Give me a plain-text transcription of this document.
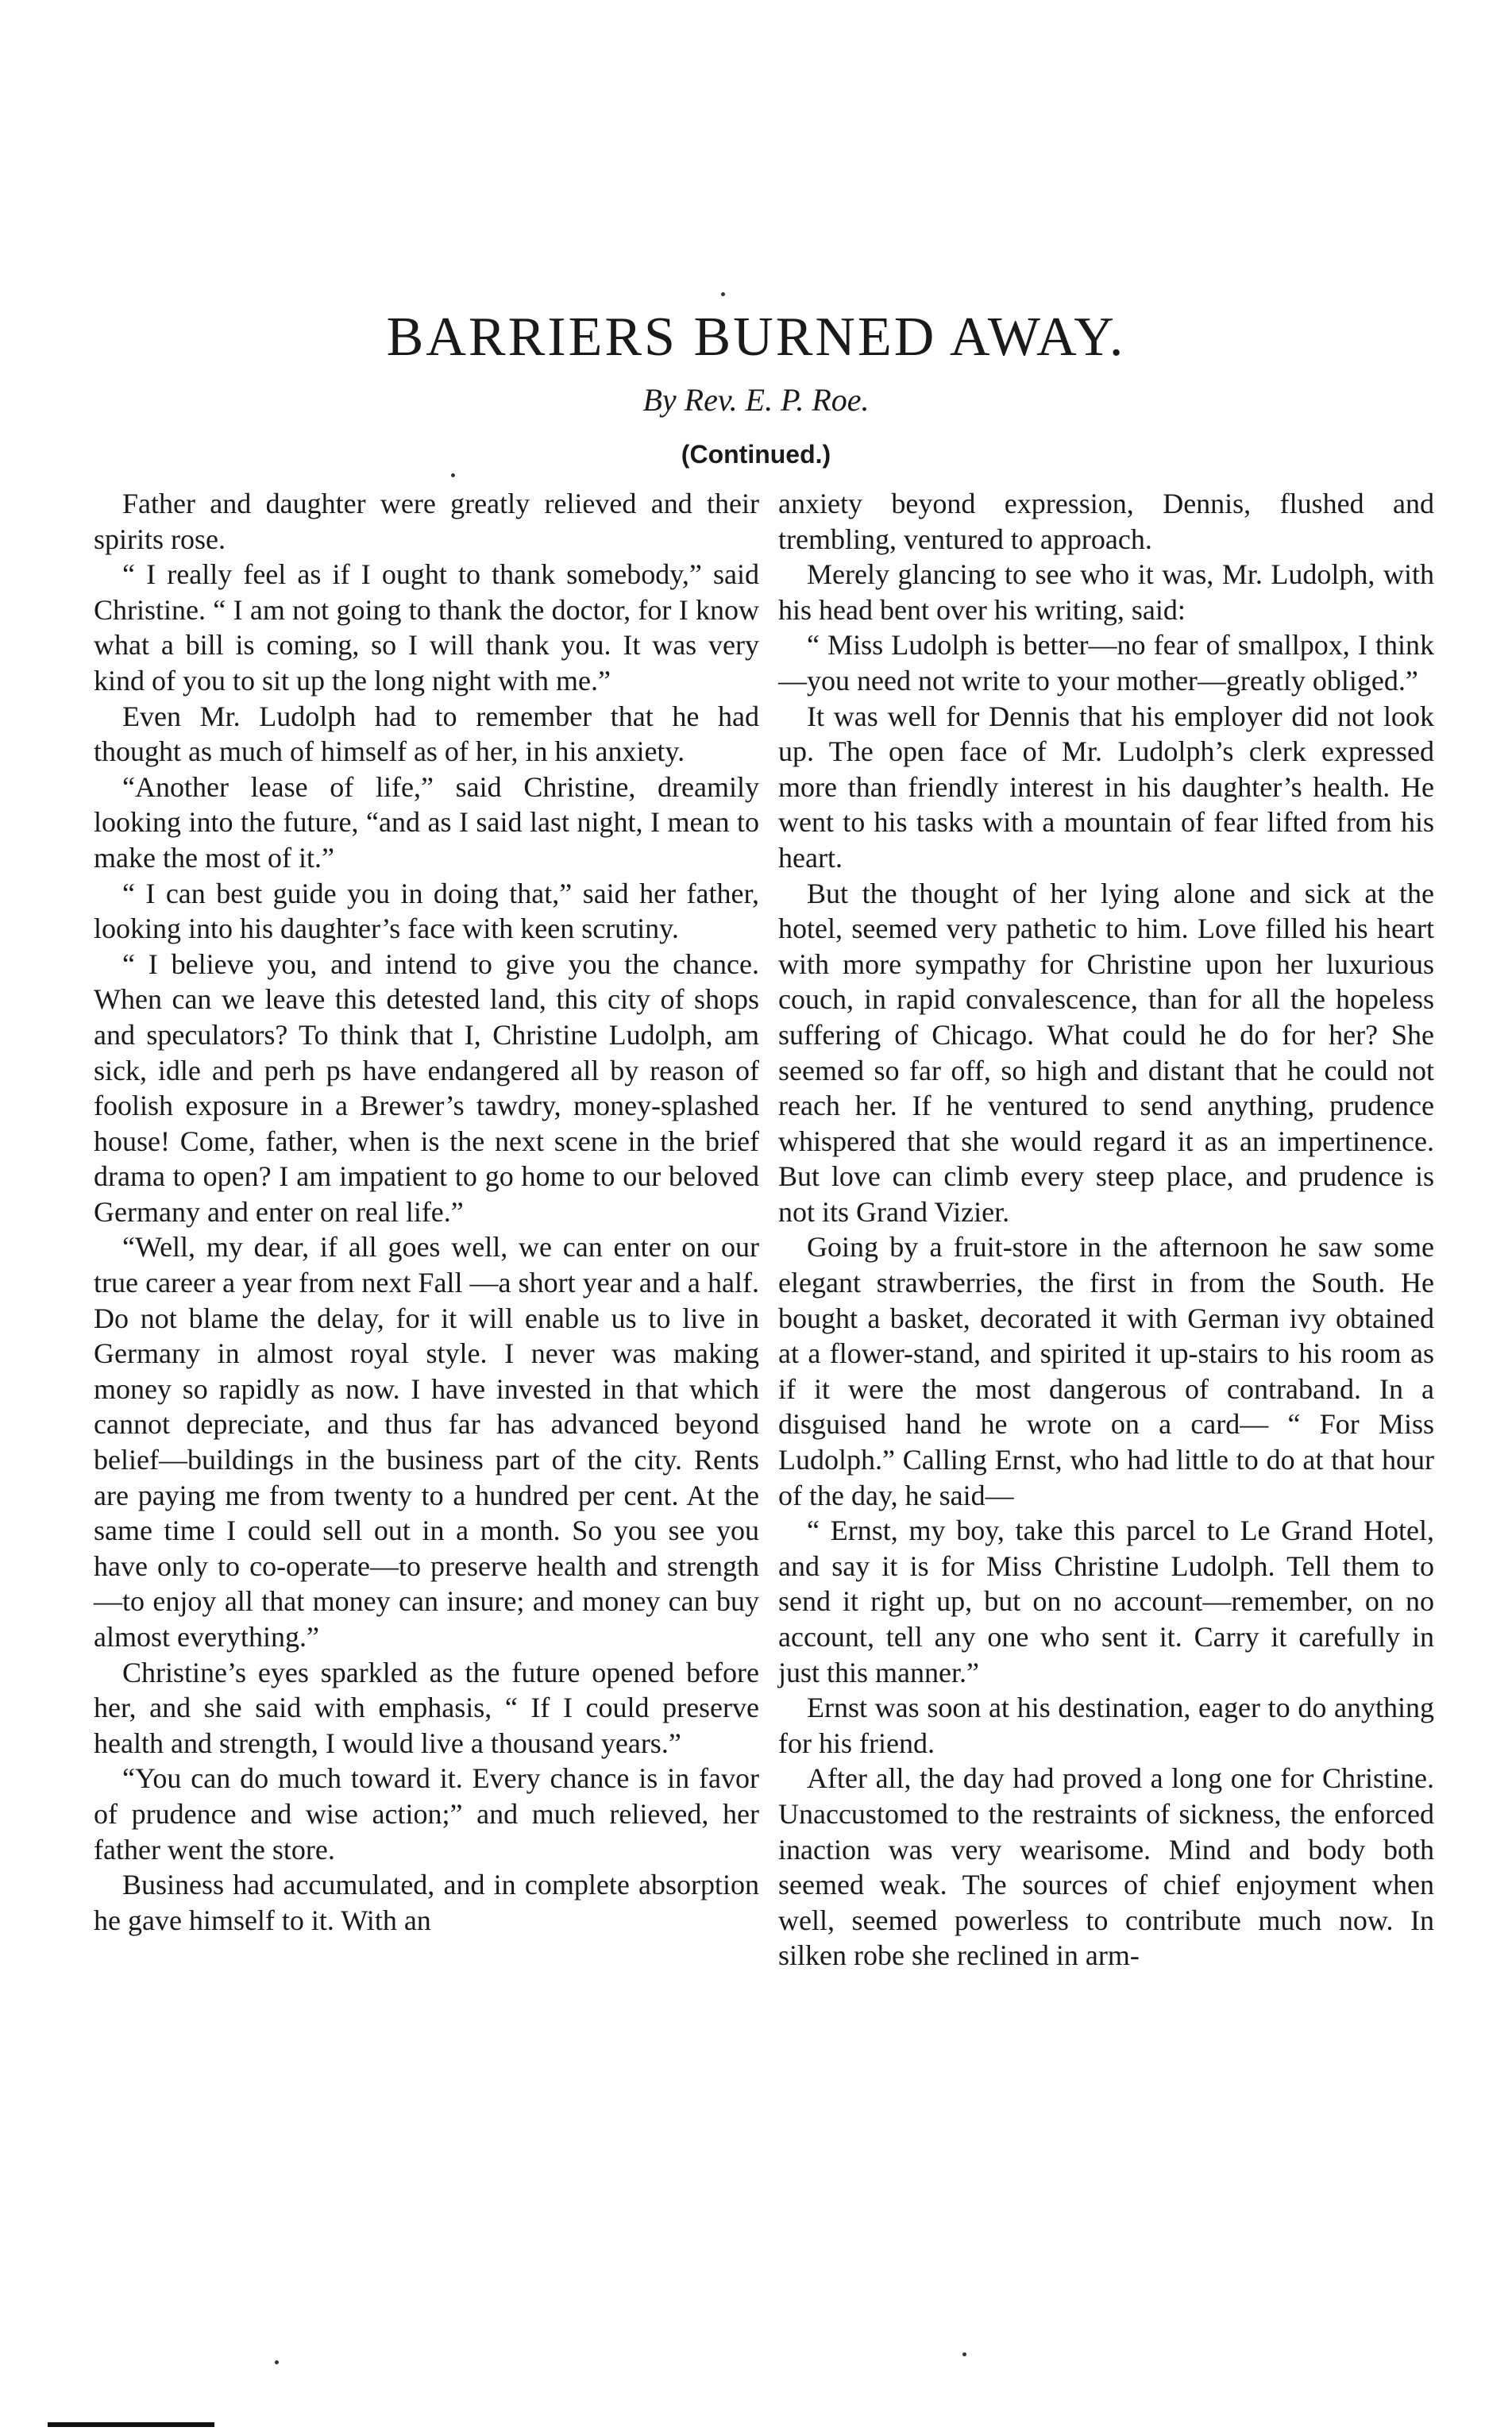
BARRIERS BURNED AWAY.
By Rev. E. P. Roe.
(Continued.)

Father and daughter were greatly relieved and their spirits rose.

“ I really feel as if I ought to thank somebody,” said Christine. “ I am not going to thank the doctor, for I know what a bill is coming, so I will thank you. It was very kind of you to sit up the long night with me.”

Even Mr. Ludolph had to remember that he had thought as much of himself as of her, in his anxiety.

“Another lease of life,” said Christine, dreamily looking into the future, “and as I said last night, I mean to make the most of it.”

“ I can best guide you in doing that,” said her father, looking into his daughter’s face with keen scrutiny.

“ I believe you, and intend to give you the chance. When can we leave this detested land, this city of shops and speculators? To think that I, Christine Ludolph, am sick, idle and perh ps have endangered all by reason of foolish exposure in a Brewer’s tawdry, money-splashed house! Come, father, when is the next scene in the brief drama to open? I am impatient to go home to our beloved Germany and enter on real life.”

“Well, my dear, if all goes well, we can enter on our true career a year from next Fall —a short year and a half. Do not blame the delay, for it will enable us to live in Germany in almost royal style. I never was making money so rapidly as now. I have invested in that which cannot depreciate, and thus far has advanced beyond belief—buildings in the business part of the city. Rents are paying me from twenty to a hundred per cent. At the same time I could sell out in a month. So you see you have only to co-operate—to preserve health and strength—to enjoy all that money can insure; and money can buy almost everything.”

Christine’s eyes sparkled as the future opened before her, and she said with emphasis, “ If I could preserve health and strength, I would live a thousand years.”

“You can do much toward it. Every chance is in favor of prudence and wise action;” and much relieved, her father went the store.

Business had accumulated, and in complete absorption he gave himself to it. With an

anxiety beyond expression, Dennis, flushed and trembling, ventured to approach.

Merely glancing to see who it was, Mr. Ludolph, with his head bent over his writing, said:

“ Miss Ludolph is better—no fear of smallpox, I think—you need not write to your mother—greatly obliged.”

It was well for Dennis that his employer did not look up. The open face of Mr. Ludolph’s clerk expressed more than friendly interest in his daughter’s health. He went to his tasks with a mountain of fear lifted from his heart.

But the thought of her lying alone and sick at the hotel, seemed very pathetic to him. Love filled his heart with more sympathy for Christine upon her luxurious couch, in rapid convalescence, than for all the hopeless suffering of Chicago. What could he do for her? She seemed so far off, so high and distant that he could not reach her. If he ventured to send anything, prudence whispered that she would regard it as an impertinence. But love can climb every steep place, and prudence is not its Grand Vizier.

Going by a fruit-store in the afternoon he saw some elegant strawberries, the first in from the South. He bought a basket, decorated it with German ivy obtained at a flower-stand, and spirited it up-stairs to his room as if it were the most dangerous of contraband. In a disguised hand he wrote on a card— “ For Miss Ludolph.” Calling Ernst, who had little to do at that hour of the day, he said—

“ Ernst, my boy, take this parcel to Le Grand Hotel, and say it is for Miss Christine Ludolph. Tell them to send it right up, but on no account—remember, on no account, tell any one who sent it. Carry it carefully in just this manner.”

Ernst was soon at his destination, eager to do anything for his friend.

After all, the day had proved a long one for Christine. Unaccustomed to the restraints of sickness, the enforced inaction was very wearisome. Mind and body both seemed weak. The sources of chief enjoyment when well, seemed powerless to contribute much now. In silken robe she reclined in arm-
